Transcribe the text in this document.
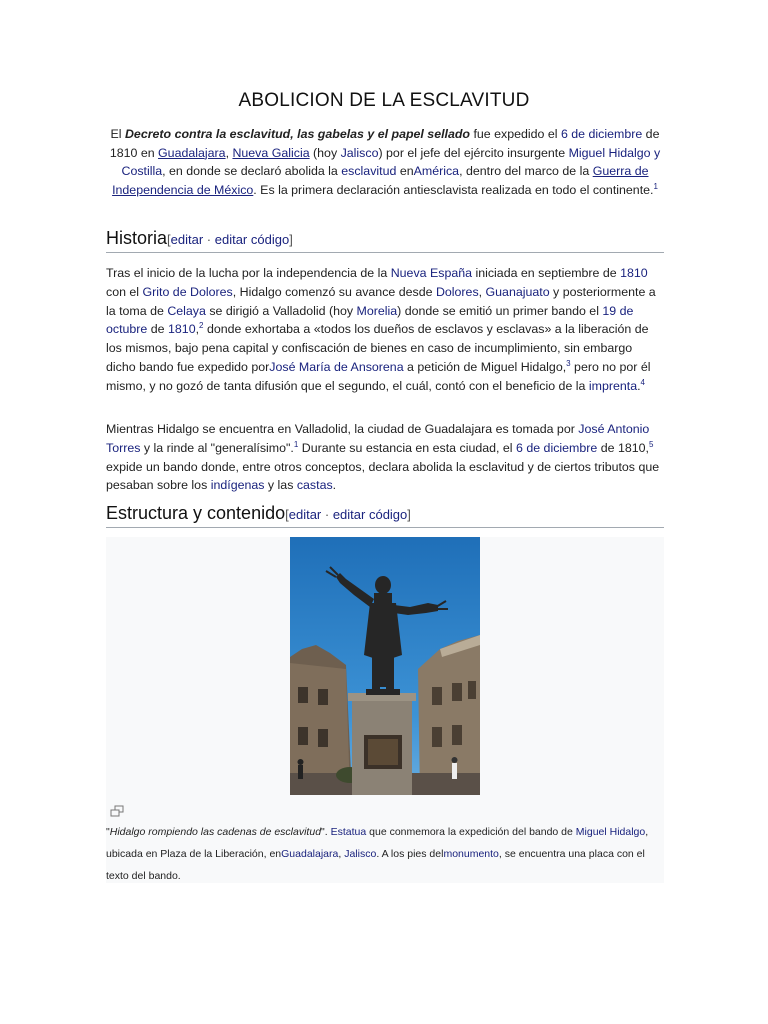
ABOLICION DE LA ESCLAVITUD
El Decreto contra la esclavitud, las gabelas y el papel sellado fue expedido el 6 de diciembre de 1810 en Guadalajara, Nueva Galicia (hoy Jalisco) por el jefe del ejército insurgente Miguel Hidalgo y Costilla, en donde se declaró abolida la esclavitud enAmérica, dentro del marco de la Guerra de Independencia de México. Es la primera declaración antiesclavista realizada en todo el continente.$^1$
Historia[editar · editar código]
Tras el inicio de la lucha por la independencia de la Nueva España iniciada en septiembre de 1810 con el Grito de Dolores, Hidalgo comenzó su avance desde Dolores, Guanajuato y posteriormente a la toma de Celaya se dirigió a Valladolid (hoy Morelia) donde se emitió un primer bando el 19 de octubre de 1810,$^2$ donde exhortaba a «todos los dueños de esclavos y esclavas» a la liberación de los mismos, bajo pena capital y confiscación de bienes en caso de incumplimiento, sin embargo dicho bando fue expedido porJosé María de Ansorena a petición de Miguel Hidalgo,$^3$ pero no por él mismo, y no gozó de tanta difusión que el segundo, el cuál, contó con el beneficio de la imprenta.$^4$
Mientras Hidalgo se encuentra en Valladolid, la ciudad de Guadalajara es tomada por José Antonio Torres y la rinde al "generalísimo".$^1$ Durante su estancia en esta ciudad, el 6 de diciembre de 1810,$^5$ expide un bando donde, entre otros conceptos, declara abolida la esclavitud y de ciertos tributos que pesaban sobre los indígenas y las castas.
Estructura y contenido[editar · editar código]
"Hidalgo rompiendo las cadenas de esclavitud". Estatua que conmemora la expedición del bando de Miguel Hidalgo, ubicada en Plaza de la Liberación, enGuadalajara, Jalisco. A los pies delmonumento, se encuentra una placa con el texto del bando.
